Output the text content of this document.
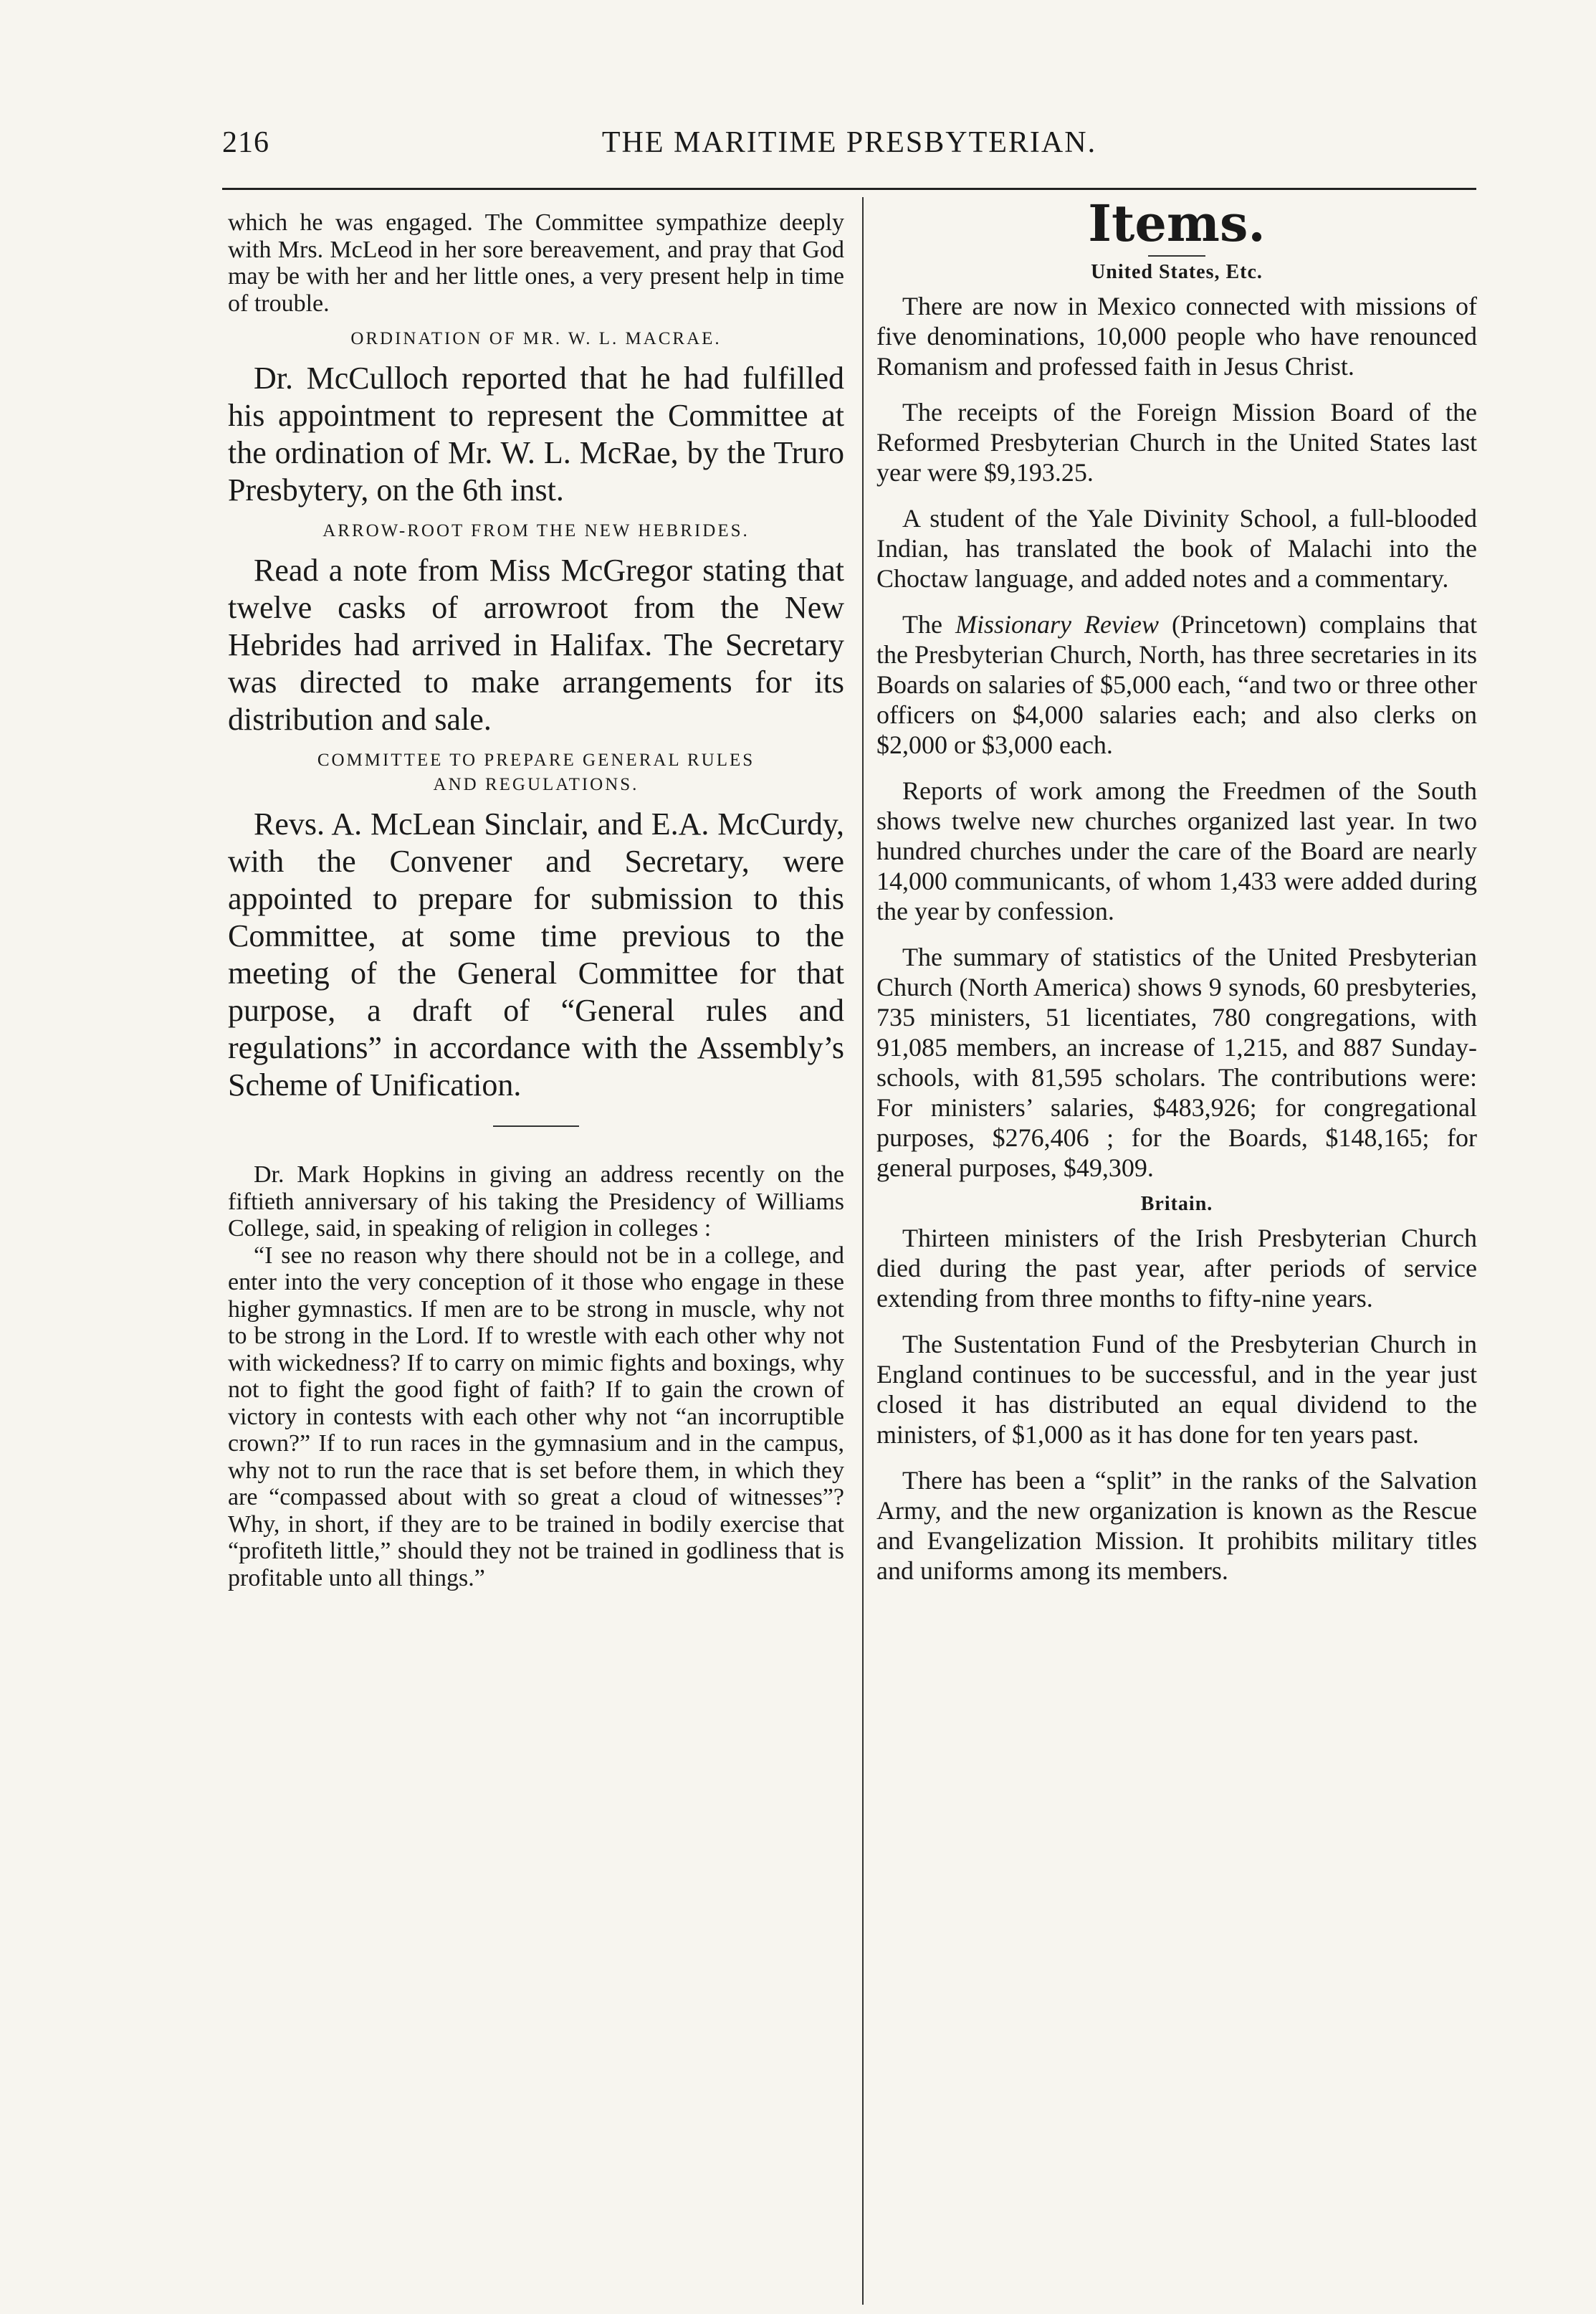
216	THE MARITIME PRESBYTERIAN.

which he was engaged. The Committee sympathize deeply with Mrs. McLeod in her sore bereavement, and pray that God may be with her and her little ones, a very present help in time of trouble.

ORDINATION OF MR. W. L. MACRAE.

Dr. McCulloch reported that he had fulfilled his appointment to represent the Committee at the ordination of Mr. W. L. McRae, by the Truro Presbytery, on the 6th inst.

ARROW-ROOT FROM THE NEW HEBRIDES.

Read a note from Miss McGregor stating that twelve casks of arrowroot from the New Hebrides had arrived in Halifax. The Secretary was directed to make arrangements for its distribution and sale.

COMMITTEE TO PREPARE GENERAL RULES
AND REGULATIONS.

Revs. A. McLean Sinclair, and E.A. McCurdy, with the Convener and Secretary, were appointed to prepare for submission to this Committee, at some time previous to the meeting of the General Committee for that purpose, a draft of “General rules and regulations” in accordance with the Assembly’s Scheme of Unification.

Dr. Mark Hopkins in giving an address recently on the fiftieth anniversary of his taking the Presidency of Williams College, said, in speaking of religion in colleges :

“I see no reason why there should not be in a college, and enter into the very conception of it those who engage in these higher gymnastics. If men are to be strong in muscle, why not to be strong in the Lord. If to wrestle with each other why not with wickedness? If to carry on mimic fights and boxings, why not to fight the good fight of faith? If to gain the crown of victory in contests with each other why not “an incorruptible crown?” If to run races in the gymnasium and in the campus, why not to run the race that is set before them, in which they are “compassed about with so great a cloud of witnesses”? Why, in short, if they are to be trained in bodily exercise that “profiteth little,” should they not be trained in godliness that is profitable unto all things.”

Items.
United States, Etc.

There are now in Mexico connected with missions of five denominations, 10,000 people who have renounced Romanism and professed faith in Jesus Christ.

The receipts of the Foreign Mission Board of the Reformed Presbyterian Church in the United States last year were $9,193.25.

A student of the Yale Divinity School, a full-blooded Indian, has translated the book of Malachi into the Choctaw language, and added notes and a commentary.

The Missionary Review (Princetown) complains that the Presbyterian Church, North, has three secretaries in its Boards on salaries of $5,000 each, “and two or three other officers on $4,000 salaries each; and also clerks on $2,000 or $3,000 each.

Reports of work among the Freedmen of the South shows twelve new churches organized last year. In two hundred churches under the care of the Board are nearly 14,000 communicants, of whom 1,433 were added during the year by confession.

The summary of statistics of the United Presbyterian Church (North America) shows 9 synods, 60 presbyteries, 735 ministers, 51 licentiates, 780 congregations, with 91,085 members, an increase of 1,215, and 887 Sunday-schools, with 81,595 scholars. The contributions were: For ministers’ salaries, $483,926; for congregational purposes, $276,406 ; for the Boards, $148,165; for general purposes, $49,309.

Britain.

Thirteen ministers of the Irish Presbyterian Church died during the past year, after periods of service extending from three months to fifty-nine years.

The Sustentation Fund of the Presbyterian Church in England continues to be successful, and in the year just closed it has distributed an equal dividend to the ministers, of $1,000 as it has done for ten years past.

There has been a “split” in the ranks of the Salvation Army, and the new organization is known as the Rescue and Evangelization Mission. It prohibits military titles and uniforms among its members.
